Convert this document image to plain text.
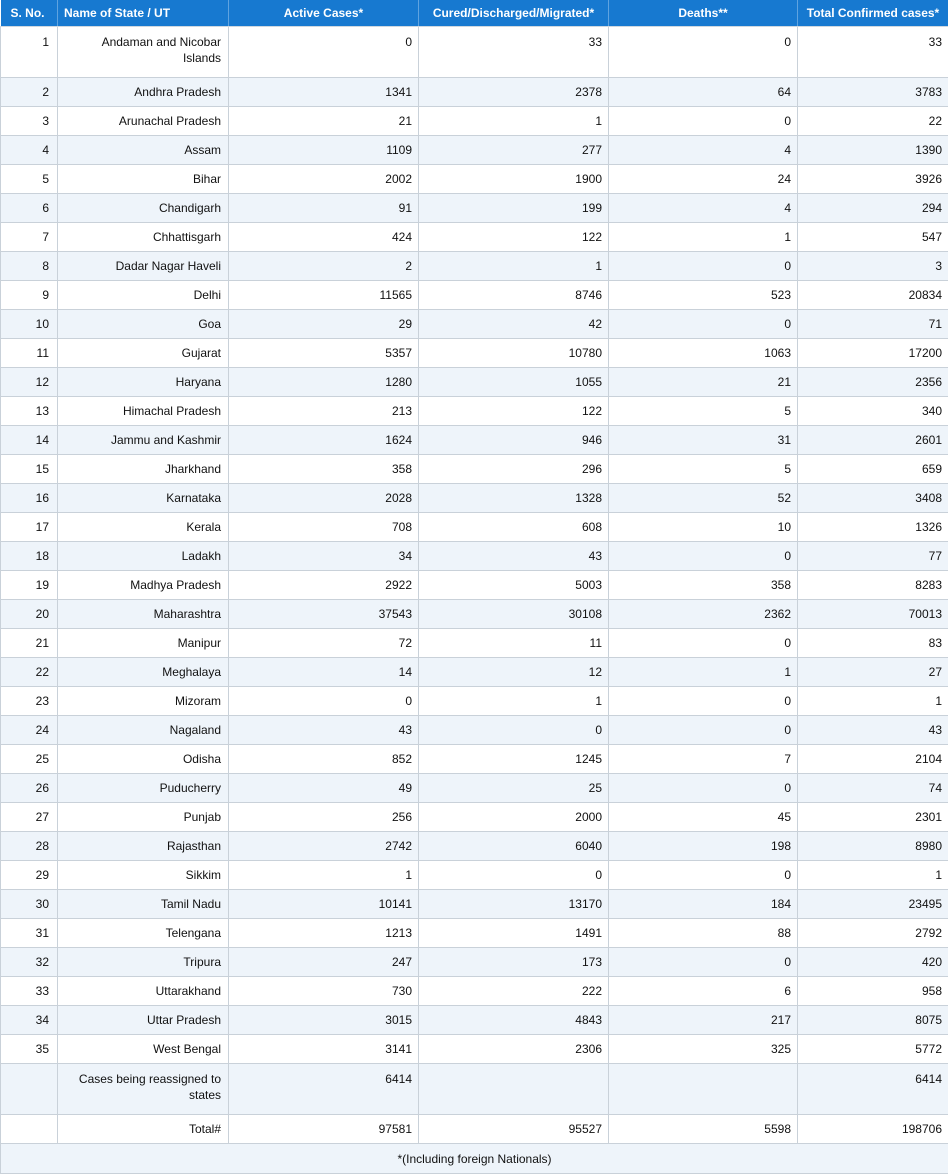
S. No.	Name of State / UT	Active Cases*	Cured/Discharged/Migrated*	Deaths**	Total Confirmed cases*
1	Andaman and Nicobar Islands	0	33	0	33
2	Andhra Pradesh	1341	2378	64	3783
3	Arunachal Pradesh	21	1	0	22
4	Assam	1109	277	4	1390
5	Bihar	2002	1900	24	3926
6	Chandigarh	91	199	4	294
7	Chhattisgarh	424	122	1	547
8	Dadar Nagar Haveli	2	1	0	3
9	Delhi	11565	8746	523	20834
10	Goa	29	42	0	71
11	Gujarat	5357	10780	1063	17200
12	Haryana	1280	1055	21	2356
13	Himachal Pradesh	213	122	5	340
14	Jammu and Kashmir	1624	946	31	2601
15	Jharkhand	358	296	5	659
16	Karnataka	2028	1328	52	3408
17	Kerala	708	608	10	1326
18	Ladakh	34	43	0	77
19	Madhya Pradesh	2922	5003	358	8283
20	Maharashtra	37543	30108	2362	70013
21	Manipur	72	11	0	83
22	Meghalaya	14	12	1	27
23	Mizoram	0	1	0	1
24	Nagaland	43	0	0	43
25	Odisha	852	1245	7	2104
26	Puducherry	49	25	0	74
27	Punjab	256	2000	45	2301
28	Rajasthan	2742	6040	198	8980
29	Sikkim	1	0	0	1
30	Tamil Nadu	10141	13170	184	23495
31	Telengana	1213	1491	88	2792
32	Tripura	247	173	0	420
33	Uttarakhand	730	222	6	958
34	Uttar Pradesh	3015	4843	217	8075
35	West Bengal	3141	2306	325	5772
	Cases being reassigned to states	6414			6414
	Total#	97581	95527	5598	198706
*(Including foreign Nationals)					
